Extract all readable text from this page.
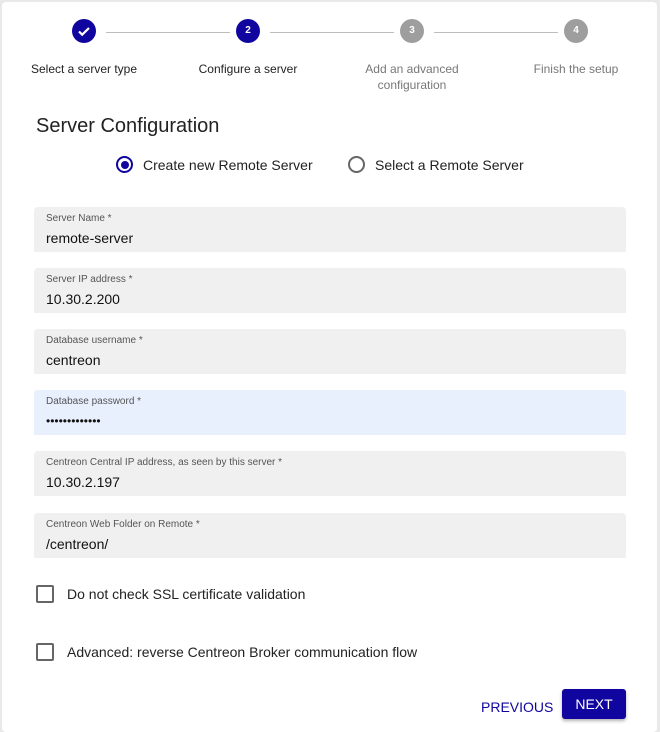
Select a server type
2
Configure a server
3
Add an advanced configuration
4
Finish the setup
Server Configuration
Create new Remote Server	Select a Remote Server
Server Name *
remote-server
Server IP address *
10.30.2.200
Database username *
centreon
Database password *
•••••••••••••
Centreon Central IP address, as seen by this server *
10.30.2.197
Centreon Web Folder on Remote *
/centreon/
Do not check SSL certificate validation
Advanced: reverse Centreon Broker communication flow
PREVIOUS	NEXT
